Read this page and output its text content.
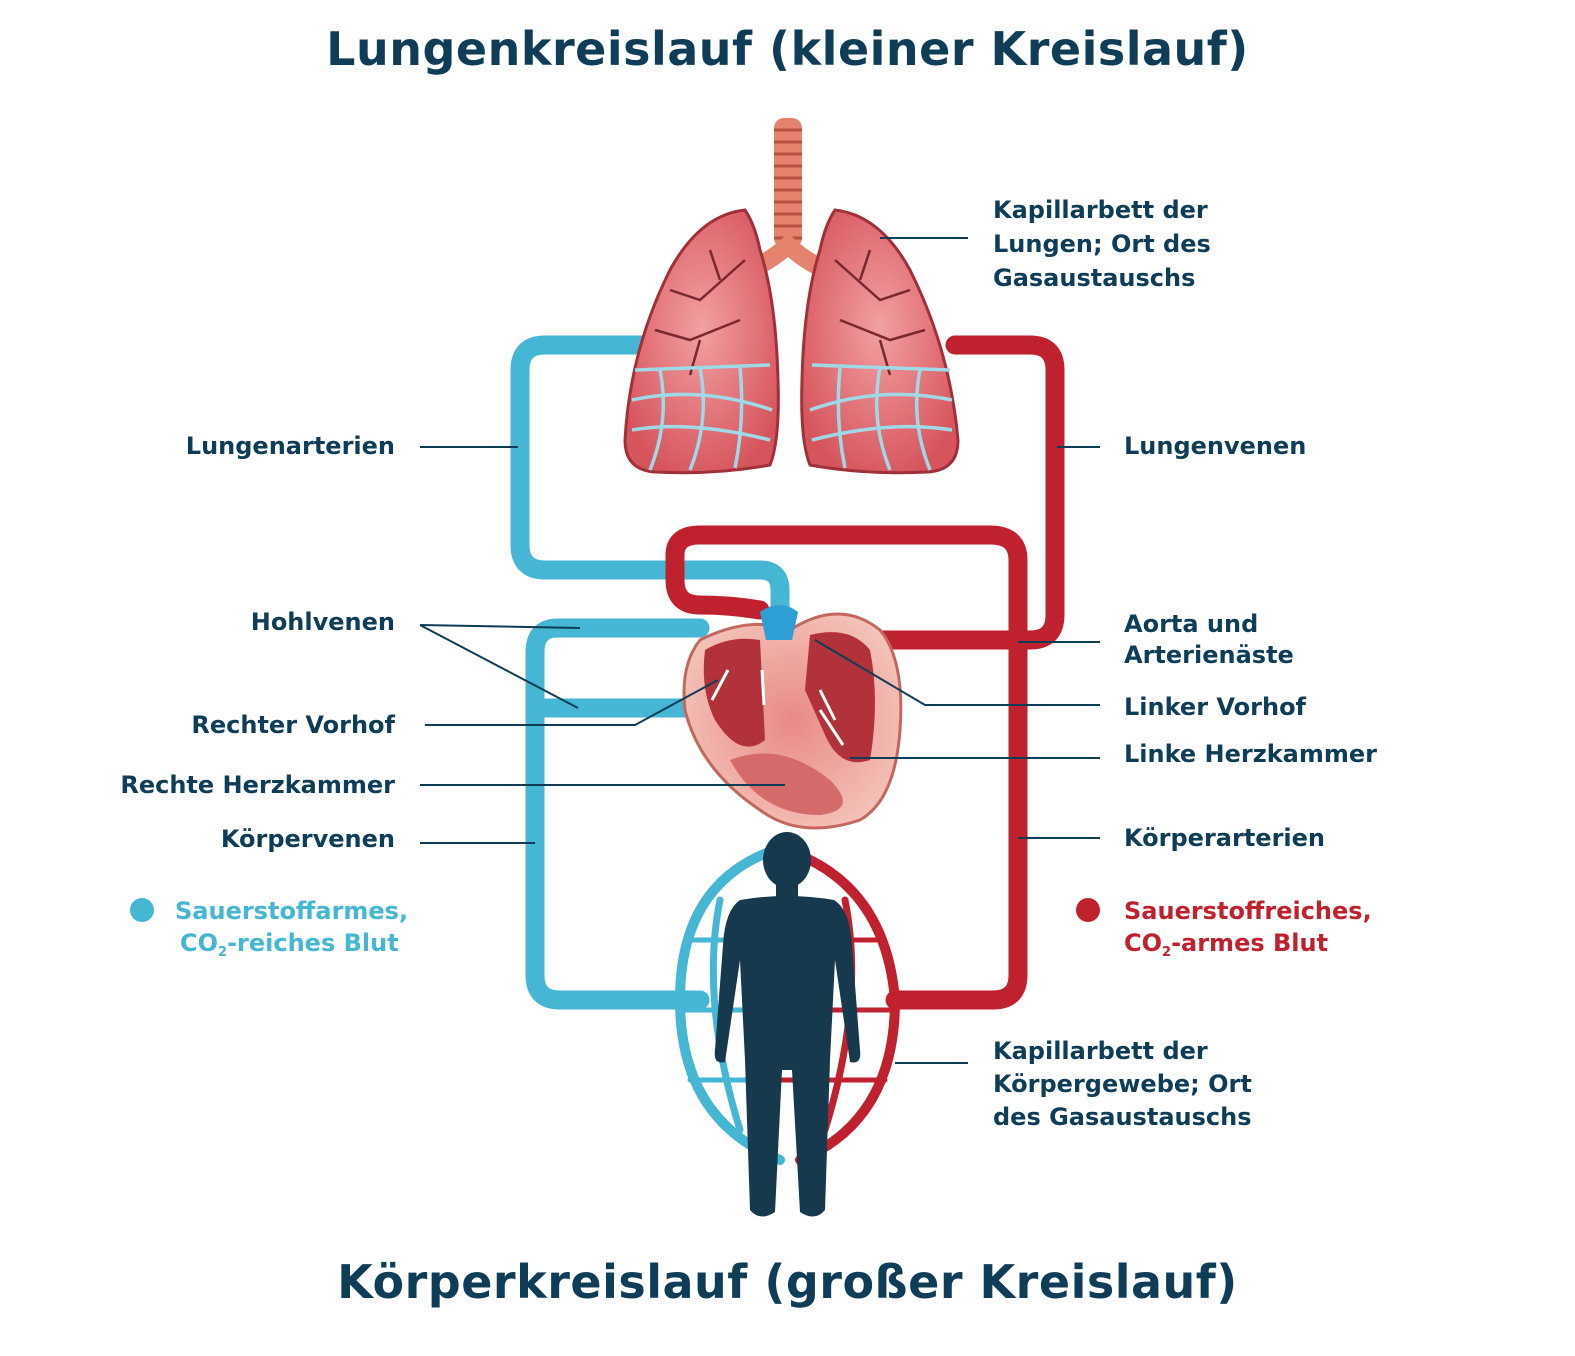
Lungenkreislauf (kleiner Kreislauf)
Körperkreislauf (großer Kreislauf)
Kapillarbett der
Lungen; Ort des
Gasaustauschs
Lungenvenen
Aorta und
Arterienäste
Linker Vorhof
Linke Herzkammer
Körperarterien
Kapillarbett der
Körpergewebe; Ort
des Gasaustauschs
Lungenarterien
Hohlvenen
Rechter Vorhof
Rechte Herzkammer
Körpervenen
Sauerstoffarmes,
$CO_2$-reiches Blut
Sauerstoffreiches,
$CO_2$-armes Blut
